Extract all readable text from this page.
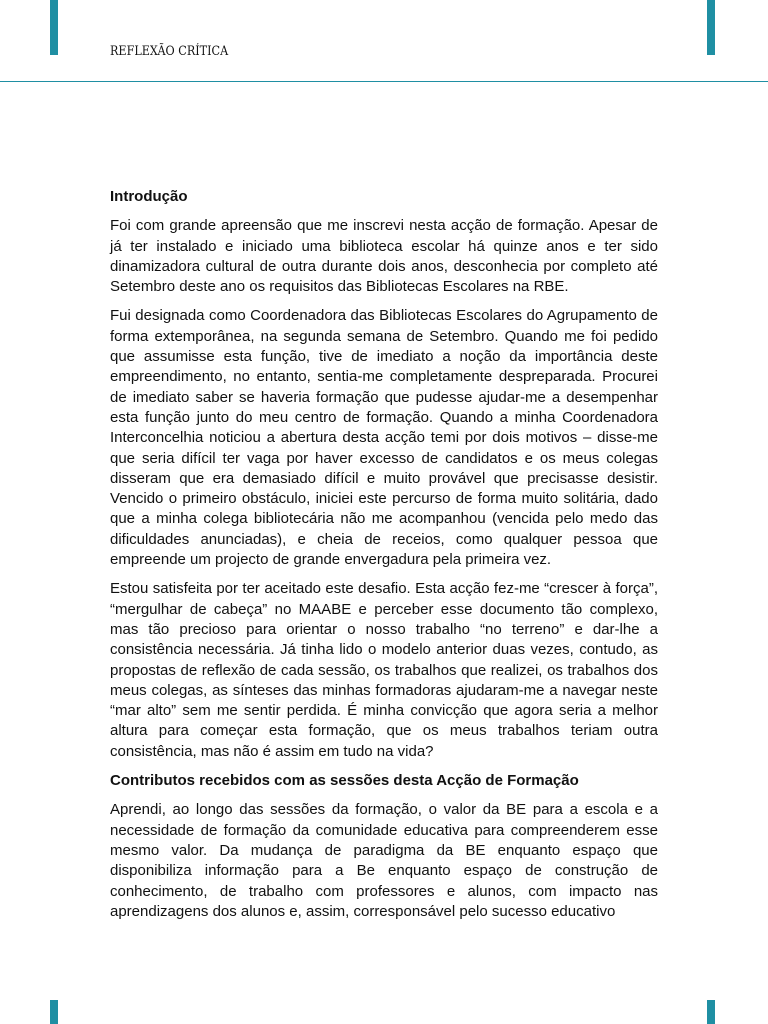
REFLEXÃO CRÍTICA
Introdução

Foi com grande apreensão que me inscrevi nesta acção de formação. Apesar de já ter instalado e iniciado uma biblioteca escolar há quinze anos e ter sido dinamizadora cultural de outra durante dois anos, desconhecia por completo até Setembro deste ano os requisitos das Bibliotecas Escolares na RBE.

Fui designada como Coordenadora das Bibliotecas Escolares do Agrupamento de forma extemporânea, na segunda semana de Setembro. Quando me foi pedido que assumisse esta função, tive de imediato a noção da importância deste empreendimento, no entanto, sentia-me completamente despreparada. Procurei de imediato saber se haveria formação que pudesse ajudar-me a desempenhar esta função junto do meu centro de formação. Quando a minha Coordenadora Interconcelhia noticiou a abertura desta acção temi por dois motivos – disse-me que seria difícil ter vaga por haver excesso de candidatos e os meus colegas disseram que era demasiado difícil e muito provável que precisasse desistir. Vencido o primeiro obstáculo, iniciei este percurso de forma muito solitária, dado que a minha colega bibliotecária não me acompanhou (vencida pelo medo das dificuldades anunciadas), e cheia de receios, como qualquer pessoa que empreende um projecto de grande envergadura pela primeira vez.

Estou satisfeita por ter aceitado este desafio. Esta acção fez-me “crescer à força”, “mergulhar de cabeça” no MAABE e perceber esse documento tão complexo, mas tão precioso para orientar o nosso trabalho “no terreno” e dar-lhe a consistência necessária. Já tinha lido o modelo anterior duas vezes, contudo, as propostas de reflexão de cada sessão, os trabalhos que realizei, os trabalhos dos meus colegas, as sínteses das minhas formadoras ajudaram-me a navegar neste “mar alto” sem me sentir perdida. É minha convicção que agora seria a melhor altura para começar esta formação, que os meus trabalhos teriam outra consistência, mas não é assim em tudo na vida?

Contributos recebidos com as sessões desta Acção de Formação

Aprendi, ao longo das sessões da formação, o valor da BE para a escola e a necessidade de formação da comunidade educativa para compreenderem esse mesmo valor. Da mudança de paradigma da BE enquanto espaço que disponibiliza informação para a Be enquanto espaço de construção de conhecimento, de trabalho com professores e alunos, com impacto nas aprendizagens dos alunos e, assim, corresponsável pelo sucesso educativo
